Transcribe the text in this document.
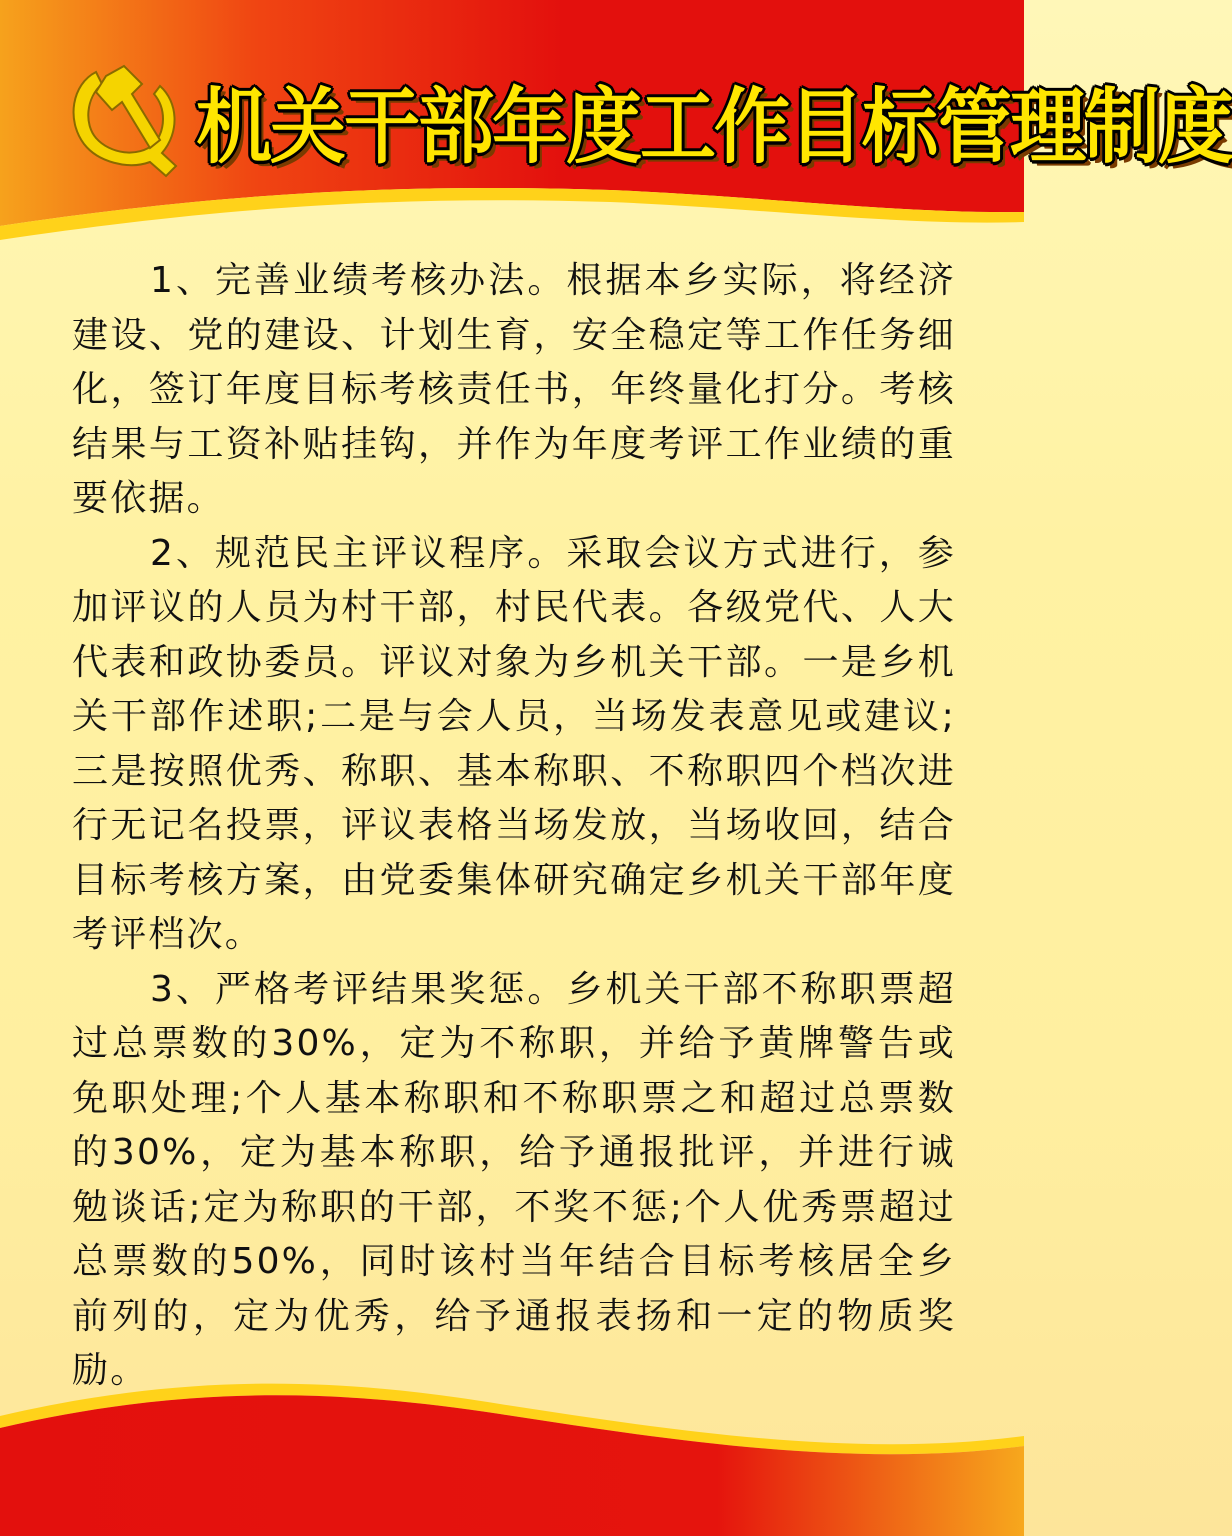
机关干部年度工作目标管理制度

1、完善业绩考核办法。根据本乡实际，将经济建设、党的建设、计划生育，安全稳定等工作任务细化，签订年度目标考核责任书，年终量化打分。考核结果与工资补贴挂钩，并作为年度考评工作业绩的重要依据。

2、规范民主评议程序。采取会议方式进行，参加评议的人员为村干部，村民代表。各级党代、人大代表和政协委员。评议对象为乡机关干部。一是乡机关干部作述职;二是与会人员，当场发表意见或建议;三是按照优秀、称职、基本称职、不称职四个档次进行无记名投票，评议表格当场发放，当场收回，结合目标考核方案，由党委集体研究确定乡机关干部年度考评档次。

3、严格考评结果奖惩。乡机关干部不称职票超过总票数的30%，定为不称职，并给予黄牌警告或免职处理;个人基本称职和不称职票之和超过总票数的30%，定为基本称职，给予通报批评，并进行诚勉谈话;定为称职的干部，不奖不惩;个人优秀票超过总票数的50%，同时该村当年结合目标考核居全乡前列的，定为优秀，给予通报表扬和一定的物质奖励。
